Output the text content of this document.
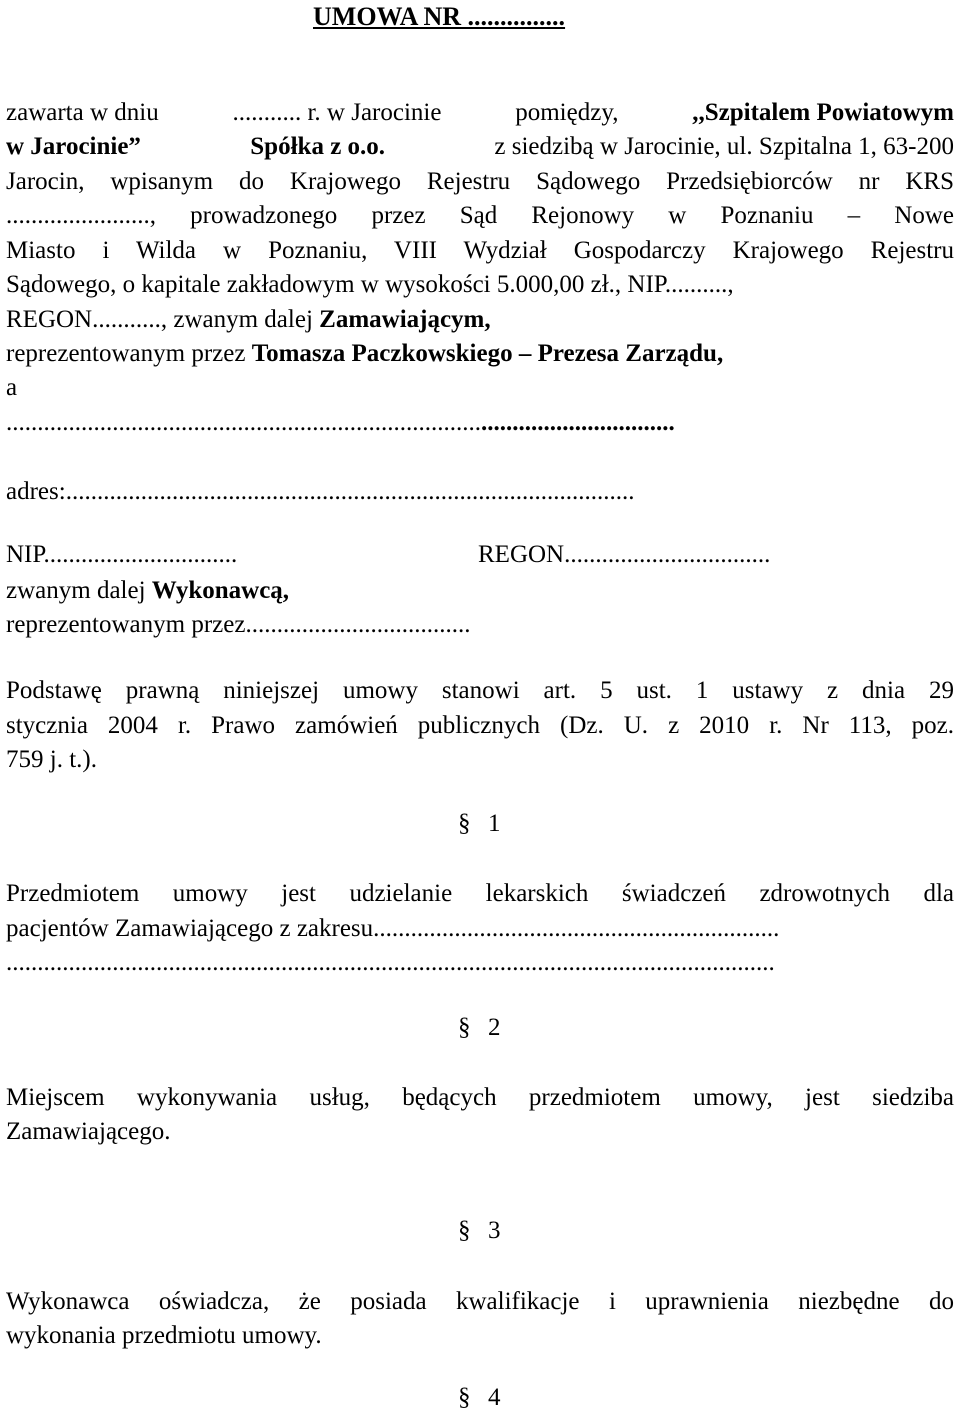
UMOWA NR ...............
zawarta w dniu	........... r. w Jarocinie	pomiędzy,	,,Szpitalem Powiatowym
w Jarocinie”	Spółka z o.o.	z siedzibą w Jarocinie, ul. Szpitalna 1, 63-200
Jarocin, wpisanym do Krajowego Rejestru Sądowego Przedsiębiorców nr KRS
......................., prowadzonego przez Sąd Rejonowy w Poznaniu – Nowe
Miasto i Wilda w Poznaniu, VIII Wydział Gospodarczy Krajowego Rejestru
Sądowego, o kapitale zakładowym w wysokości 5.000,00 zł., NIP..........,
REGON..........., zwanym dalej Zamawiającym,
reprezentowanym przez Tomasza Paczkowskiego – Prezesa Zarządu,
a
...........................................................................................................
adres:...........................................................................................
NIP...............................	REGON.................................
zwanym dalej Wykonawcą,
reprezentowanym przez....................................
Podstawę prawną niniejszej umowy stanowi art. 5 ust. 1 ustawy z dnia 29
stycznia 2004 r. Prawo zamówień publicznych (Dz. U. z 2010 r. Nr 113, poz.
759 j. t.).
§ 1
Przedmiotem umowy jest udzielanie lekarskich świadczeń zdrowotnych dla
pacjentów Zamawiającego z zakresu.................................................................
...........................................................................................................................
§ 2
Miejscem wykonywania usług, będących przedmiotem umowy, jest siedziba
Zamawiającego.
§ 3
Wykonawca oświadcza, że posiada kwalifikacje i uprawnienia niezbędne do
wykonania przedmiotu umowy.
§ 4
